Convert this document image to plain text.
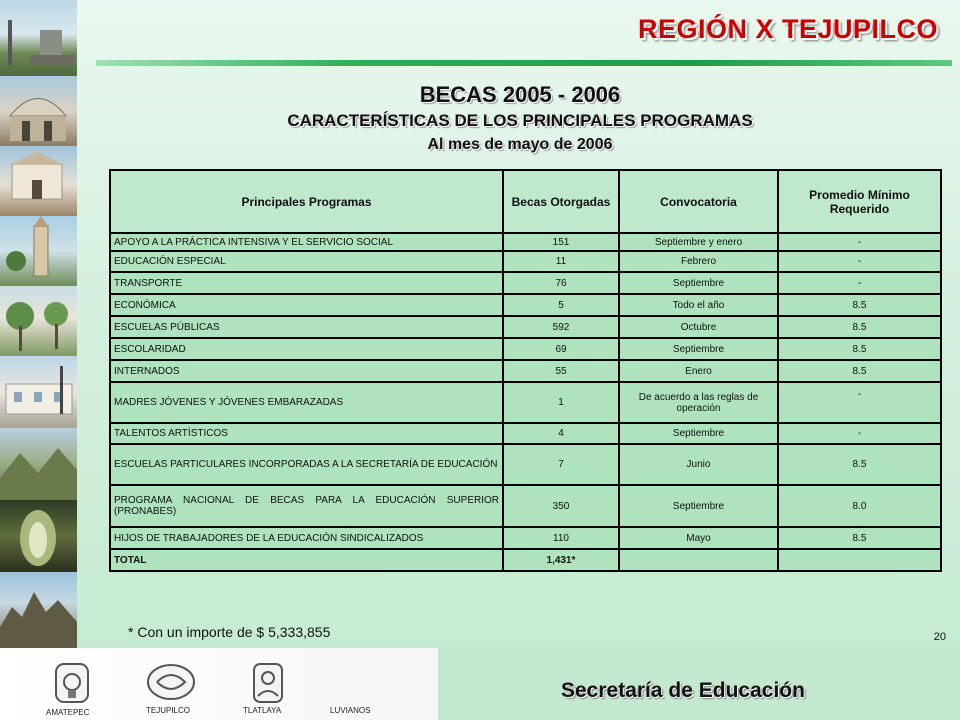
REGIÓN X TEJUPILCO
BECAS 2005 - 2006
CARACTERÍSTICAS DE LOS PRINCIPALES PROGRAMAS
Al mes de mayo de 2006
Principales Programas	Becas Otorgadas	Convocatoria	Promedio Mínimo Requerido
APOYO A LA PRÁCTICA INTENSIVA Y EL SERVICIO SOCIAL	151	Septiembre y enero	-
EDUCACIÓN ESPECIAL	11	Febrero	-
TRANSPORTE	76	Septiembre	-
ECONÓMICA	5	Todo el año	8.5
ESCUELAS PÚBLICAS	592	Octubre	8.5
ESCOLARIDAD	69	Septiembre	8.5
INTERNADOS	55	Enero	8.5
MADRES JÓVENES Y JÓVENES EMBARAZADAS	1	De acuerdo a las reglas de operación	-
TALENTOS ARTÍSTICOS	4	Septiembre	-
ESCUELAS PARTICULARES INCORPORADAS A LA SECRETARÍA DE EDUCACIÓN	7	Junio	8.5
PROGRAMA NACIONAL DE BECAS PARA LA EDUCACIÓN SUPERIOR (PRONABES)	350	Septiembre	8.0
HIJOS DE TRABAJADORES DE LA EDUCACIÓN SINDICALIZADOS	110	Mayo	8.5
TOTAL	1,431*		
* Con un importe de $ 5,333,855	20
Secretaría de Educación
AMATEPEC	TEJUPILCO	TLATLAYA	LUVIANOS
